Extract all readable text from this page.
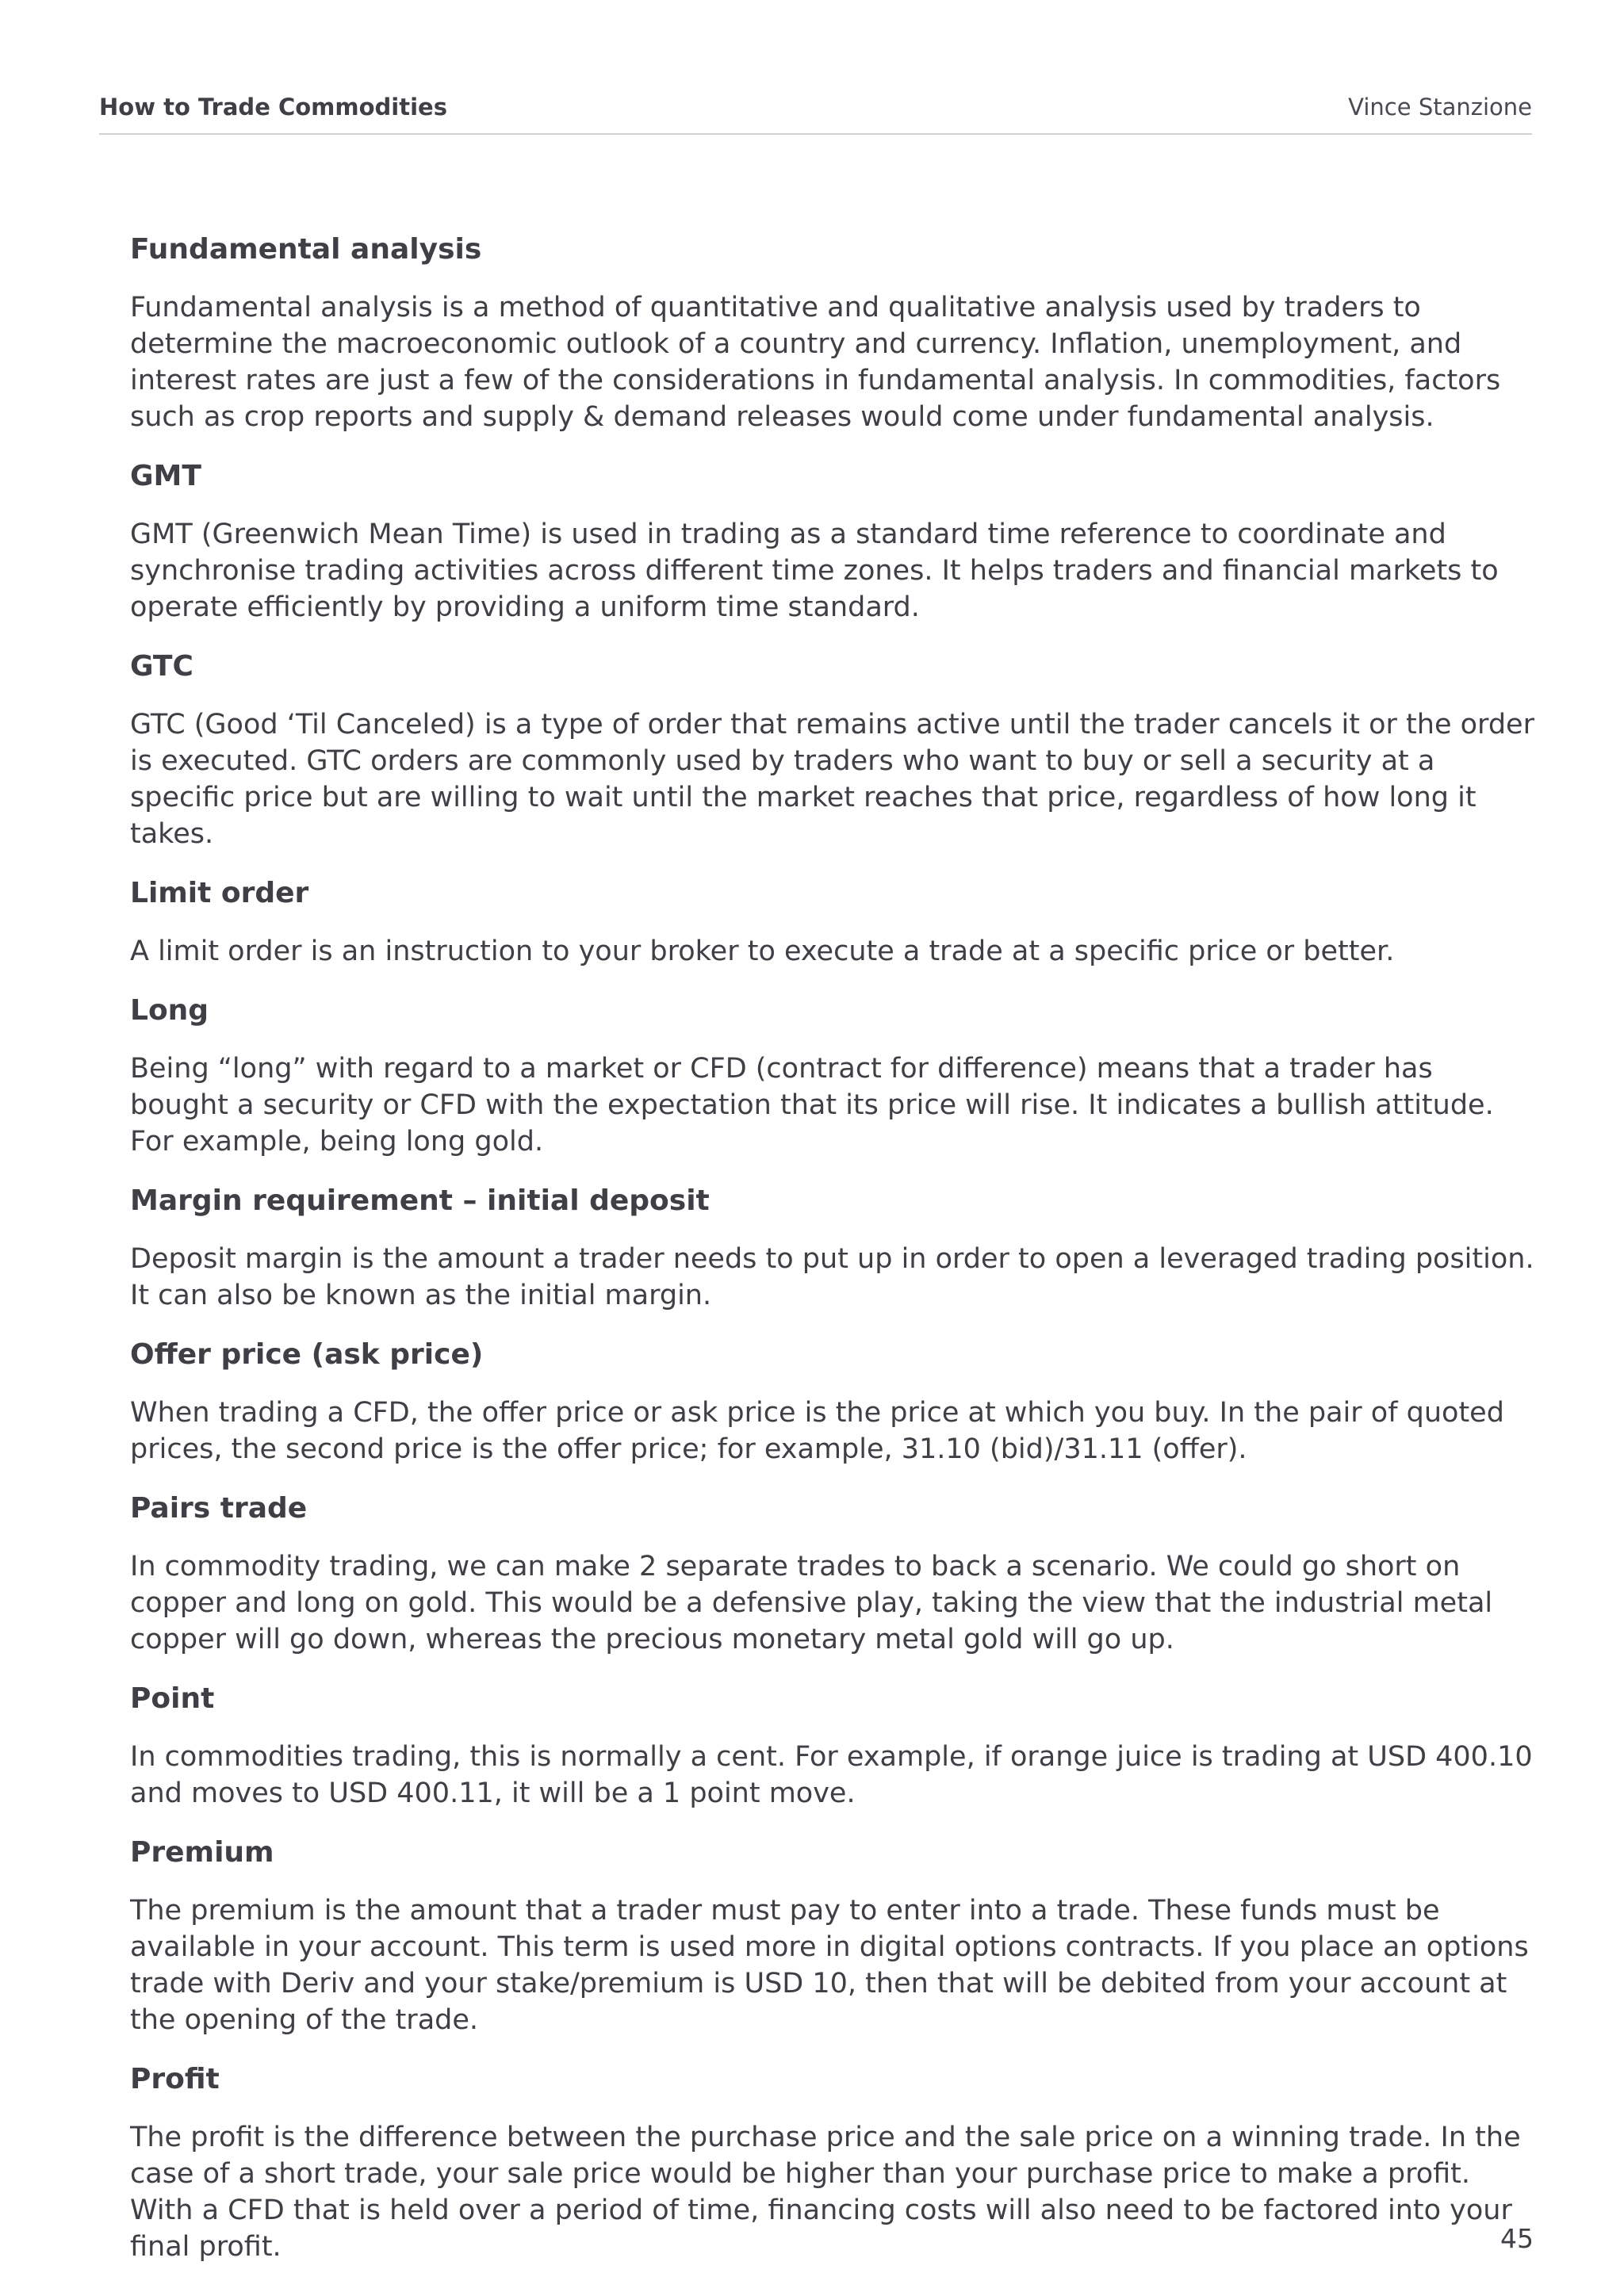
How to Trade Commodities	Vince Stanzione

Fundamental analysis

Fundamental analysis is a method of quantitative and qualitative analysis used by traders to determine the macroeconomic outlook of a country and currency. Inflation, unemployment, and interest rates are just a few of the considerations in fundamental analysis. In commodities, factors such as crop reports and supply & demand releases would come under fundamental analysis.

GMT

GMT (Greenwich Mean Time) is used in trading as a standard time reference to coordinate and synchronise trading activities across different time zones. It helps traders and financial markets to operate efficiently by providing a uniform time standard.

GTC

GTC (Good ‘Til Canceled) is a type of order that remains active until the trader cancels it or the order is executed. GTC orders are commonly used by traders who want to buy or sell a security at a specific price but are willing to wait until the market reaches that price, regardless of how long it takes.

Limit order

A limit order is an instruction to your broker to execute a trade at a specific price or better.

Long

Being “long” with regard to a market or CFD (contract for difference) means that a trader has bought a security or CFD with the expectation that its price will rise. It indicates a bullish attitude. For example, being long gold.

Margin requirement – initial deposit

Deposit margin is the amount a trader needs to put up in order to open a leveraged trading position. It can also be known as the initial margin.

Offer price (ask price)

When trading a CFD, the offer price or ask price is the price at which you buy. In the pair of quoted prices, the second price is the offer price; for example, 31.10 (bid)/31.11 (offer).

Pairs trade

In commodity trading, we can make 2 separate trades to back a scenario. We could go short on copper and long on gold. This would be a defensive play, taking the view that the industrial metal copper will go down, whereas the precious monetary metal gold will go up.

Point

In commodities trading, this is normally a cent. For example, if orange juice is trading at USD 400.10 and moves to USD 400.11, it will be a 1 point move.

Premium

The premium is the amount that a trader must pay to enter into a trade. These funds must be available in your account. This term is used more in digital options contracts. If you place an options trade with Deriv and your stake/premium is USD 10, then that will be debited from your account at the opening of the trade.

Profit

The profit is the difference between the purchase price and the sale price on a winning trade. In the case of a short trade, your sale price would be higher than your purchase price to make a profit. With a CFD that is held over a period of time, financing costs will also need to be factored into your final profit.	45
